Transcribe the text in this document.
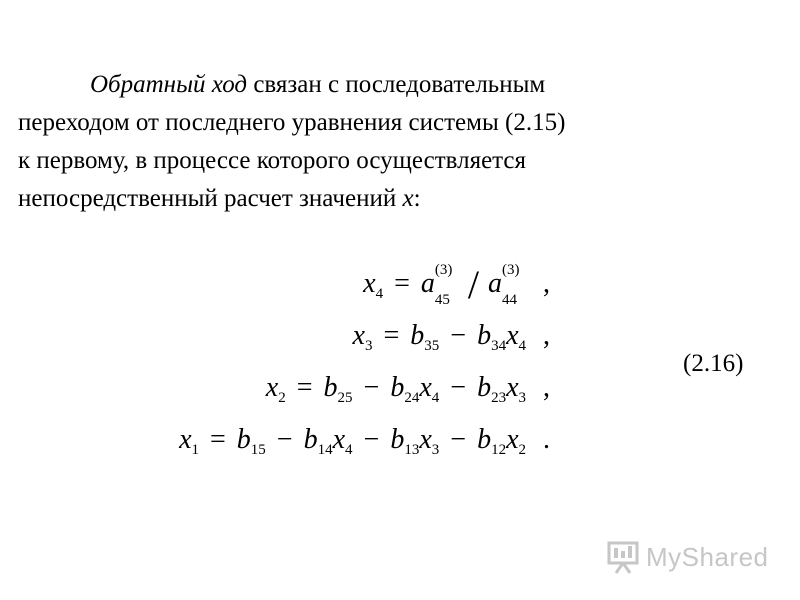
Обратный ход связан с последовательным
переходом от последнего уравнения системы (2.15)
к первому, в процессе которого осуществляется
непосредственный расчет значений x:
$x_4 = a$ (3)
45 / a (3)
44
,
$x_3 = b_{35} - b_{34}x_4$ ,
$x_2 = b_{25} - b_{24}x_4 - b_{23}x_3$ ,
$x_1 = b_{15} - b_{14}x_4 - b_{13}x_3 - b_{12}x_2$ .
(2.16)
MyShared
